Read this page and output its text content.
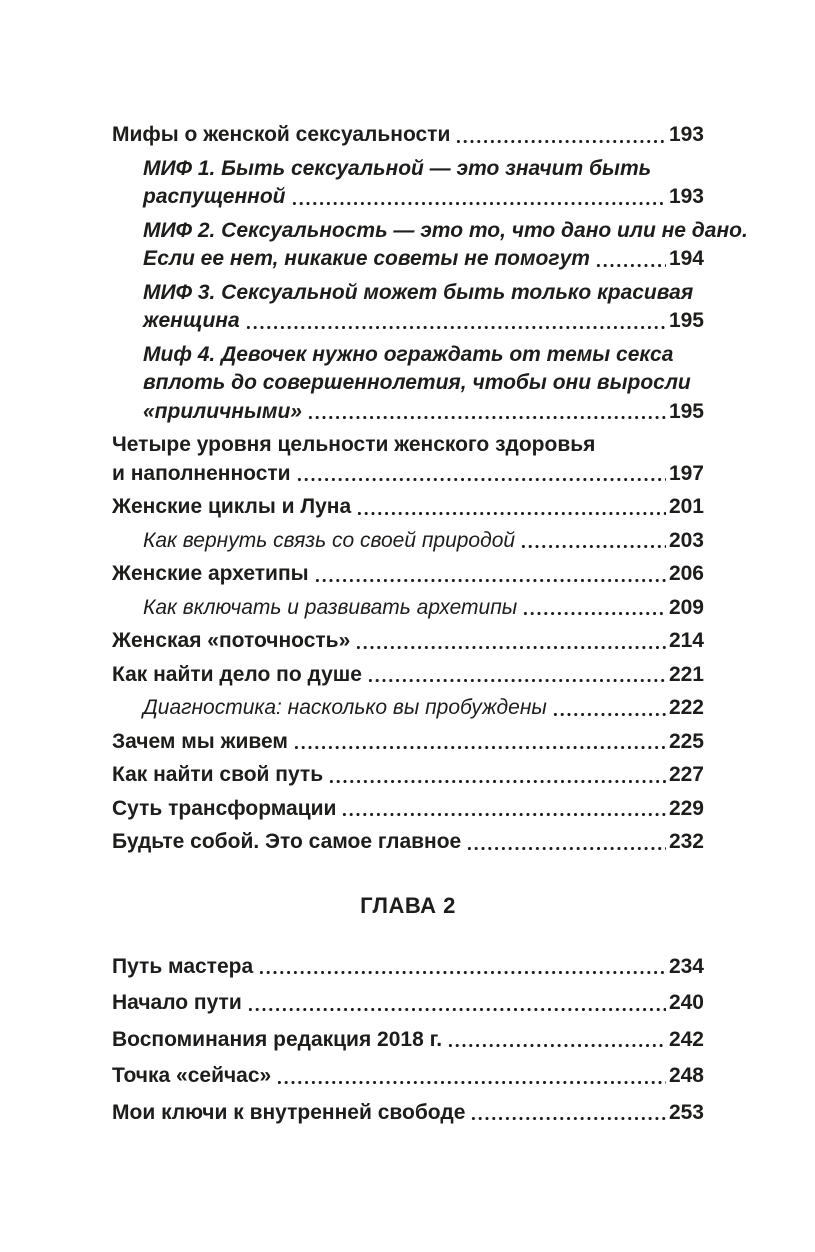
Мифы о женской сексуальности	193
МИФ 1. Быть сексуальной — это значит быть
распущенной	193
МИФ 2. Сексуальность — это то, что дано или не дано.
Если ее нет, никакие советы не помогут	194
МИФ 3. Сексуальной может быть только красивая
женщина	195
Миф 4. Девочек нужно ограждать от темы секса
вплоть до совершеннолетия, чтобы они выросли
«приличными»	195
Четыре уровня цельности женского здоровья
и наполненности	197
Женские циклы и Луна	201
Как вернуть связь со своей природой	203
Женские архетипы	206
Как включать и развивать архетипы	209
Женская «поточность»	214
Как найти дело по душе	221
Диагностика: насколько вы пробуждены	222
Зачем мы живем	225
Как найти свой путь	227
Суть трансформации	229
Будьте собой. Это самое главное	232
ГЛАВА 2
Путь мастера	234
Начало пути	240
Воспоминания редакция 2018 г.	242
Точка «сейчас»	248
Мои ключи к внутренней свободе	253
